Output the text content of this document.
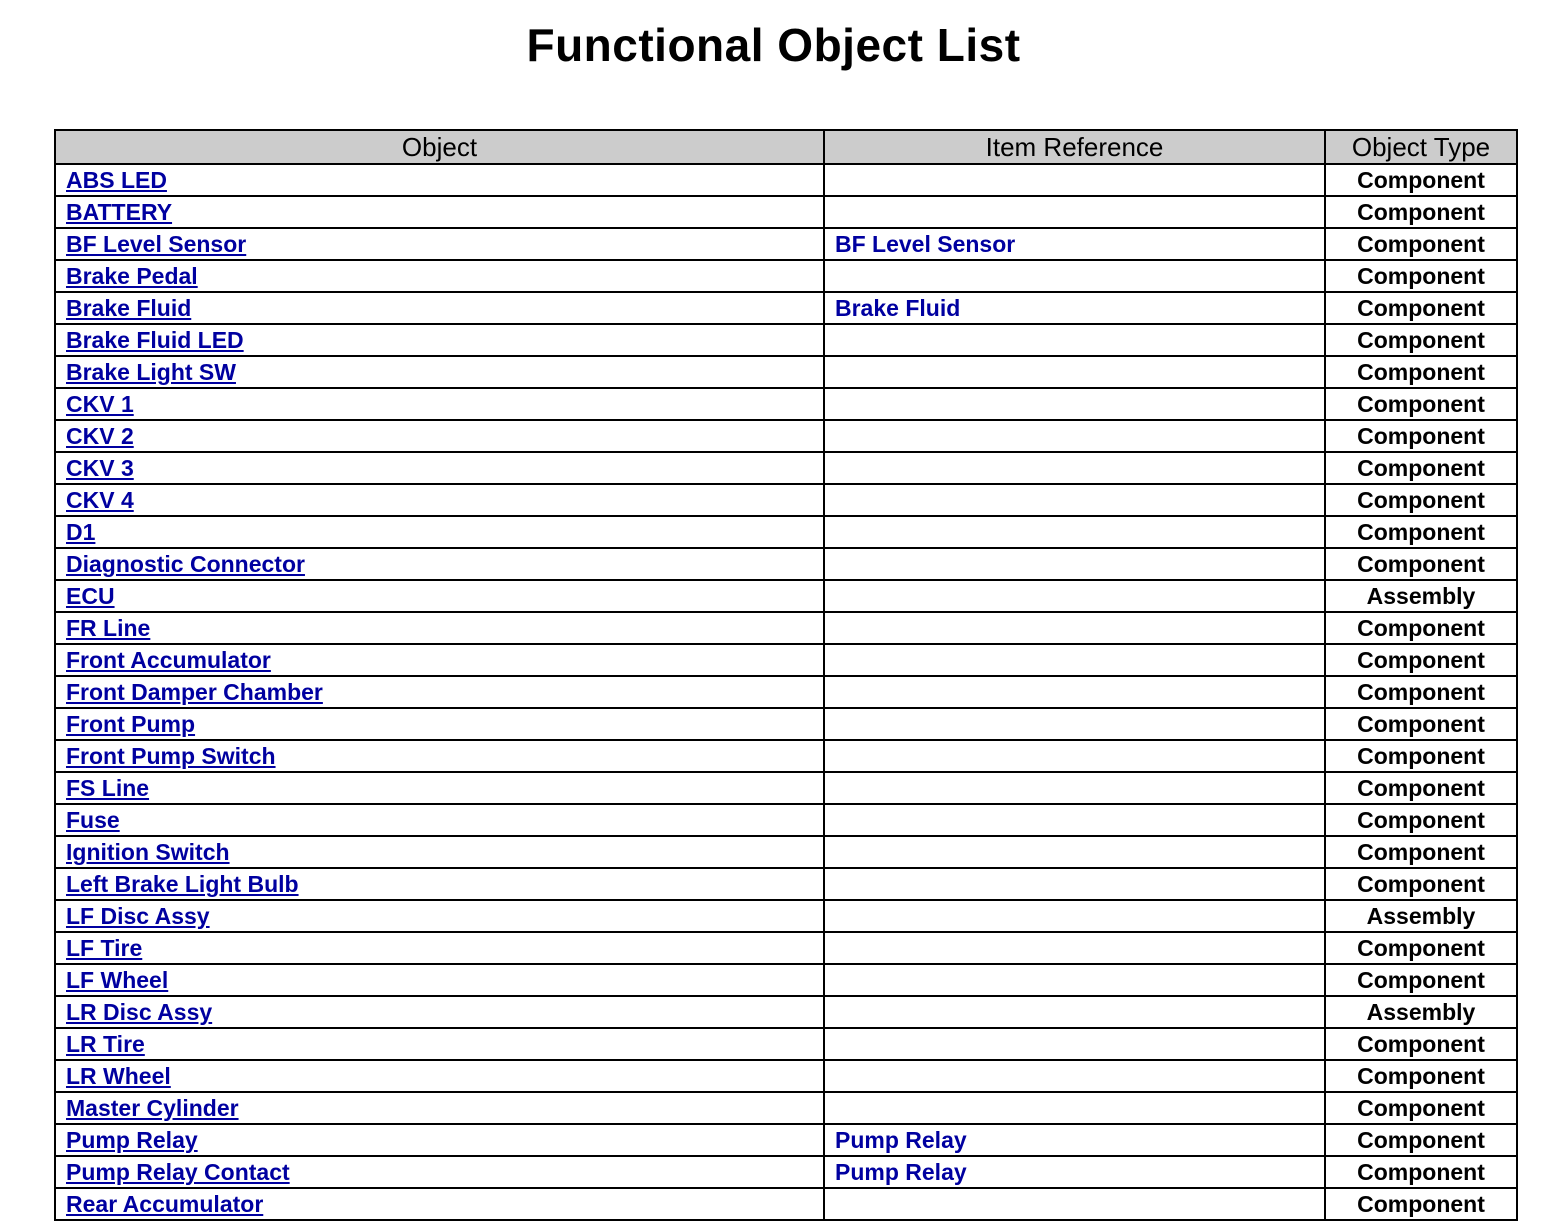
Functional Object List
Object	Item Reference	Object Type
ABS LED		Component
BATTERY		Component
BF Level Sensor	BF Level Sensor	Component
Brake Pedal		Component
Brake Fluid	Brake Fluid	Component
Brake Fluid LED		Component
Brake Light SW		Component
CKV 1		Component
CKV 2		Component
CKV 3		Component
CKV 4		Component
D1		Component
Diagnostic Connector		Component
ECU		Assembly
FR Line		Component
Front Accumulator		Component
Front Damper Chamber		Component
Front Pump		Component
Front Pump Switch		Component
FS Line		Component
Fuse		Component
Ignition Switch		Component
Left Brake Light Bulb		Component
LF Disc Assy		Assembly
LF Tire		Component
LF Wheel		Component
LR Disc Assy		Assembly
LR Tire		Component
LR Wheel		Component
Master Cylinder		Component
Pump Relay	Pump Relay	Component
Pump Relay Contact	Pump Relay	Component
Rear Accumulator		Component
